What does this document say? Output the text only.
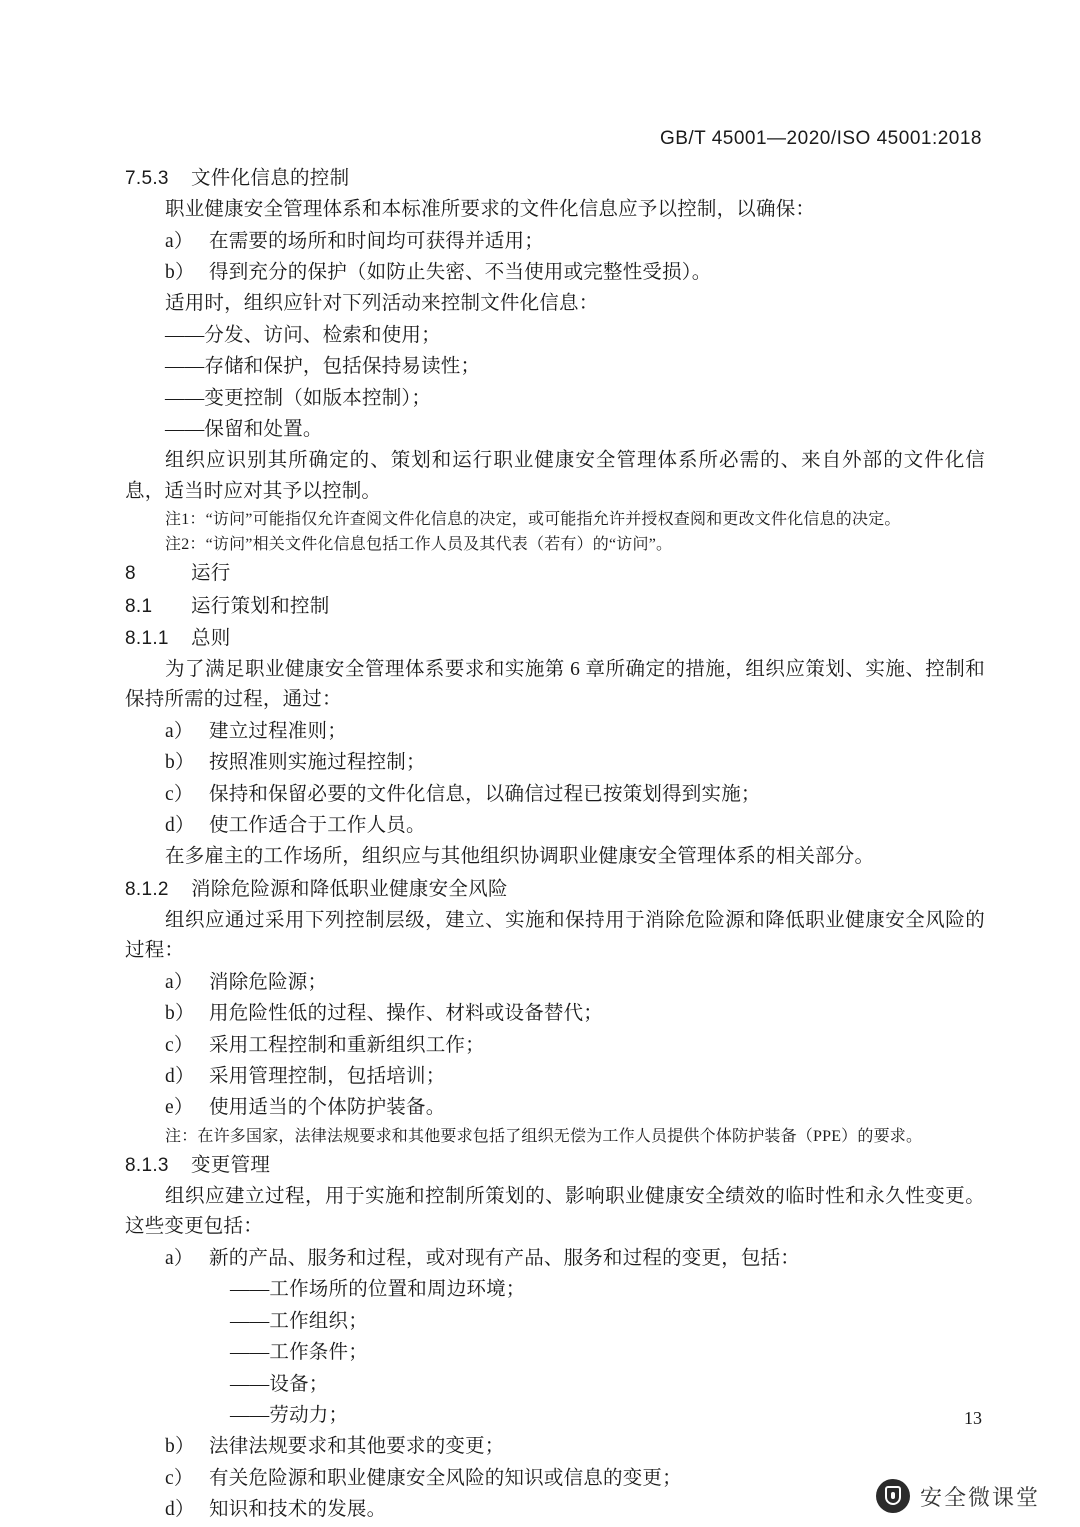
GB/T 45001—2020/ISO 45001:2018
7.5.3 文件化信息的控制
职业健康安全管理体系和本标准所要求的文件化信息应予以控制，以确保：
a） 在需要的场所和时间均可获得并适用；
b） 得到充分的保护（如防止失密、不当使用或完整性受损）。
适用时，组织应针对下列活动来控制文件化信息：
——分发、访问、检索和使用；
——存储和保护，包括保持易读性；
——变更控制（如版本控制）；
——保留和处置。
组织应识别其所确定的、策划和运行职业健康安全管理体系所必需的、来自外部的文件化信息，适当时应对其予以控制。
注1：“访问”可能指仅允许查阅文件化信息的决定，或可能指允许并授权查阅和更改文件化信息的决定。
注2：“访问”相关文件化信息包括工作人员及其代表（若有）的“访问”。
8	运行
8.1 运行策划和控制
8.1.1 总则
为了满足职业健康安全管理体系要求和实施第 6 章所确定的措施，组织应策划、实施、控制和保持所需的过程，通过：
a） 建立过程准则；
b） 按照准则实施过程控制；
c） 保持和保留必要的文件化信息，以确信过程已按策划得到实施；
d） 使工作适合于工作人员。
在多雇主的工作场所，组织应与其他组织协调职业健康安全管理体系的相关部分。
8.1.2 消除危险源和降低职业健康安全风险
组织应通过采用下列控制层级，建立、实施和保持用于消除危险源和降低职业健康安全风险的过程：
a） 消除危险源；
b） 用危险性低的过程、操作、材料或设备替代；
c） 采用工程控制和重新组织工作；
d） 采用管理控制，包括培训；
e） 使用适当的个体防护装备。
注：在许多国家，法律法规要求和其他要求包括了组织无偿为工作人员提供个体防护装备（PPE）的要求。
8.1.3 变更管理
组织应建立过程，用于实施和控制所策划的、影响职业健康安全绩效的临时性和永久性变更。这些变更包括：
a） 新的产品、服务和过程，或对现有产品、服务和过程的变更，包括：
——工作场所的位置和周边环境；
——工作组织；
——工作条件；
——设备；
——劳动力；
b） 法律法规要求和其他要求的变更；
c） 有关危险源和职业健康安全风险的知识或信息的变更；
d） 知识和技术的发展。
13
安全微课堂
